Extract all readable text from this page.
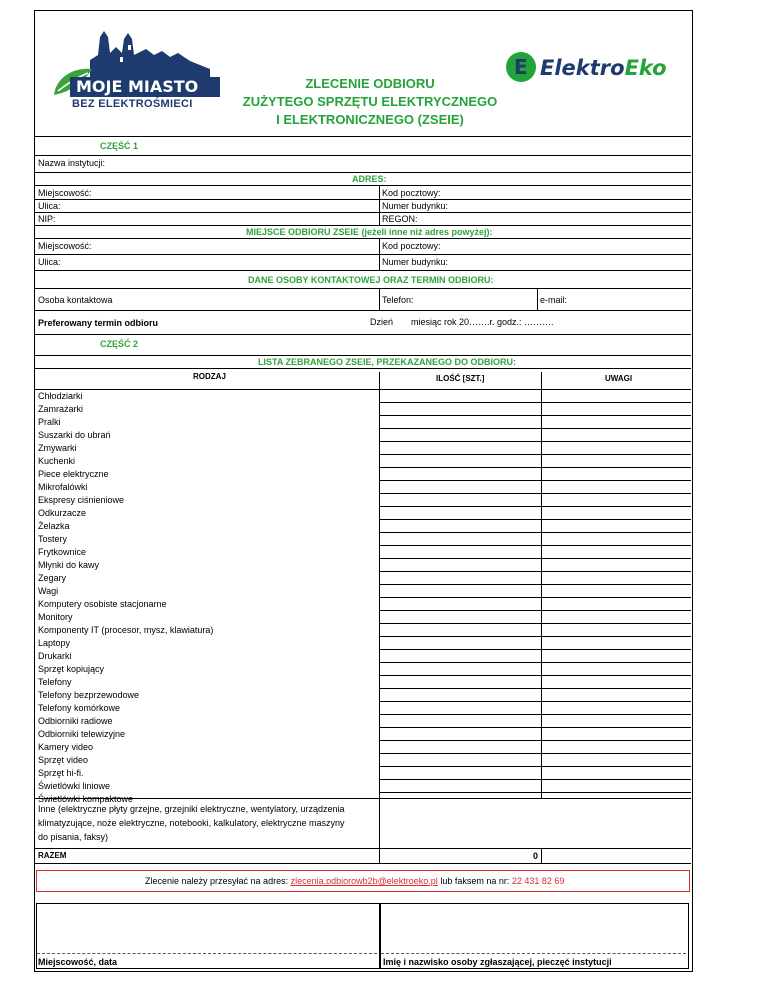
MOJE MIASTO
BEZ ELEKTROŚMIECI
ZLECENIE ODBIORU
ZUŻYTEGO SPRZĘTU ELEKTRYCZNEGO
I ELEKTRONICZNEGO (ZSEIE)
E ElektroEko
CZĘŚĆ 1
Nazwa instytucji:
ADRES:
Miejscowość:	Kod pocztowy:
Ulica:	Numer budynku:
NIP:	REGON:
MIEJSCE ODBIORU ZSEIE (jeżeli inne niż adres powyżej):
Miejscowość:	Kod pocztowy:
Ulica:	Numer budynku:
DANE OSOBY KONTAKTOWEJ ORAZ TERMIN ODBIORU:
Osoba kontaktowa	Telefon:	e-mail:
Preferowany termin odbioru	Dzień miesiąc rok 20…….r. godz.: ……….
CZĘŚĆ 2
LISTA ZEBRANEGO ZSEIE, PRZEKAZANEGO DO ODBIORU:
RODZAJ	ILOŚĆ [SZT.]	UWAGI
Chłodziarki
Zamrażarki
Pralki
Suszarki do ubrań
Zmywarki
Kuchenki
Piece elektryczne
Mikrofalówki
Ekspresy ciśnieniowe
Odkurzacze
Żelazka
Tostery
Frytkownice
Młynki do kawy
Zegary
Wagi
Komputery osobiste stacjonarne
Monitory
Komponenty IT (procesor, mysz, klawiatura)
Laptopy
Drukarki
Sprzęt kopiujący
Telefony
Telefony bezprzewodowe
Telefony komórkowe
Odbiorniki radiowe
Odbiorniki telewizyjne
Kamery video
Sprzęt video
Sprzęt hi-fi.
Świetlówki liniowe
Świetlówki kompaktowe
Inne (elektryczne płyty grzejne, grzejniki elektryczne, wentylatory, urządzenia
klimatyzujące, noże elektryczne, notebooki, kalkulatory, elektryczne maszyny
do pisania, faksy)
RAZEM	0
Zlecenie należy przesyłać na adres: zlecenia.odbiorowb2b@elektroeko.pl lub faksem na nr: 22 431 82 69
Miejscowość, data	Imię i nazwisko osoby zgłaszającej, pieczęć instytucji
